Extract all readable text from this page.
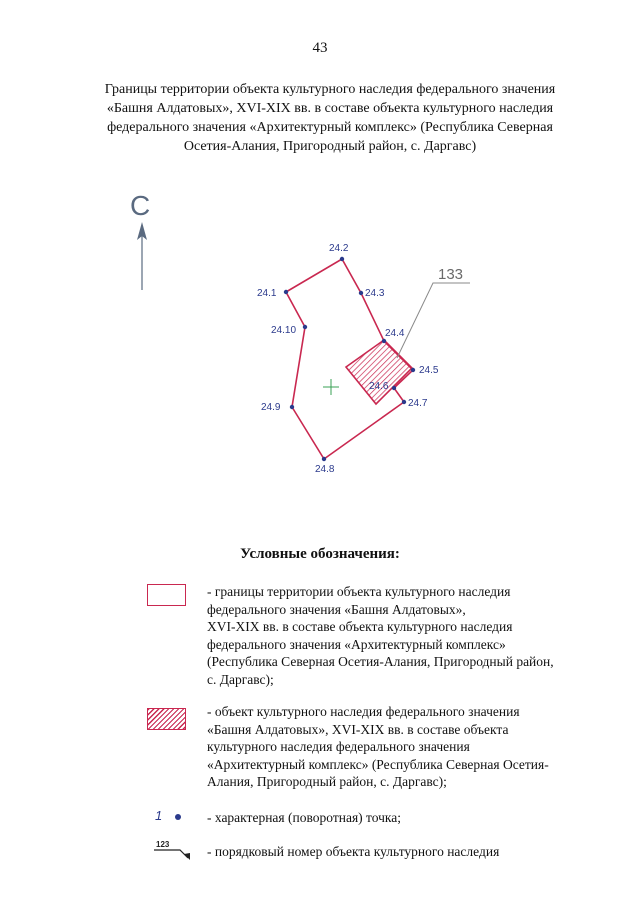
43
Границы территории объекта культурного наследия федерального значения
«Башня Алдатовых», XVI-XIX вв. в составе объекта культурного наследия
федерального значения «Архитектурный комплекс» (Республика Северная
Осетия-Алания, Пригородный район, с. Даргавс)
С
133
24.1
24.2
24.3
24.4
24.5
24.6
24.7
24.8
24.9
24.10
Условные обозначения:
- границы территории объекта культурного наследия
федерального значения «Башня Алдатовых»,
XVI-XIX вв. в составе объекта культурного наследия
федерального значения «Архитектурный комплекс»
(Республика Северная Осетия-Алания, Пригородный район,
с. Даргавс);
- объект культурного наследия федерального значения
«Башня Алдатовых», XVI-XIX вв. в составе объекта
культурного наследия федерального значения
«Архитектурный комплекс» (Республика Северная Осетия-
Алания, Пригородный район, с. Даргавс);
1	- характерная (поворотная) точка;
123	- порядковый номер объекта культурного наследия
